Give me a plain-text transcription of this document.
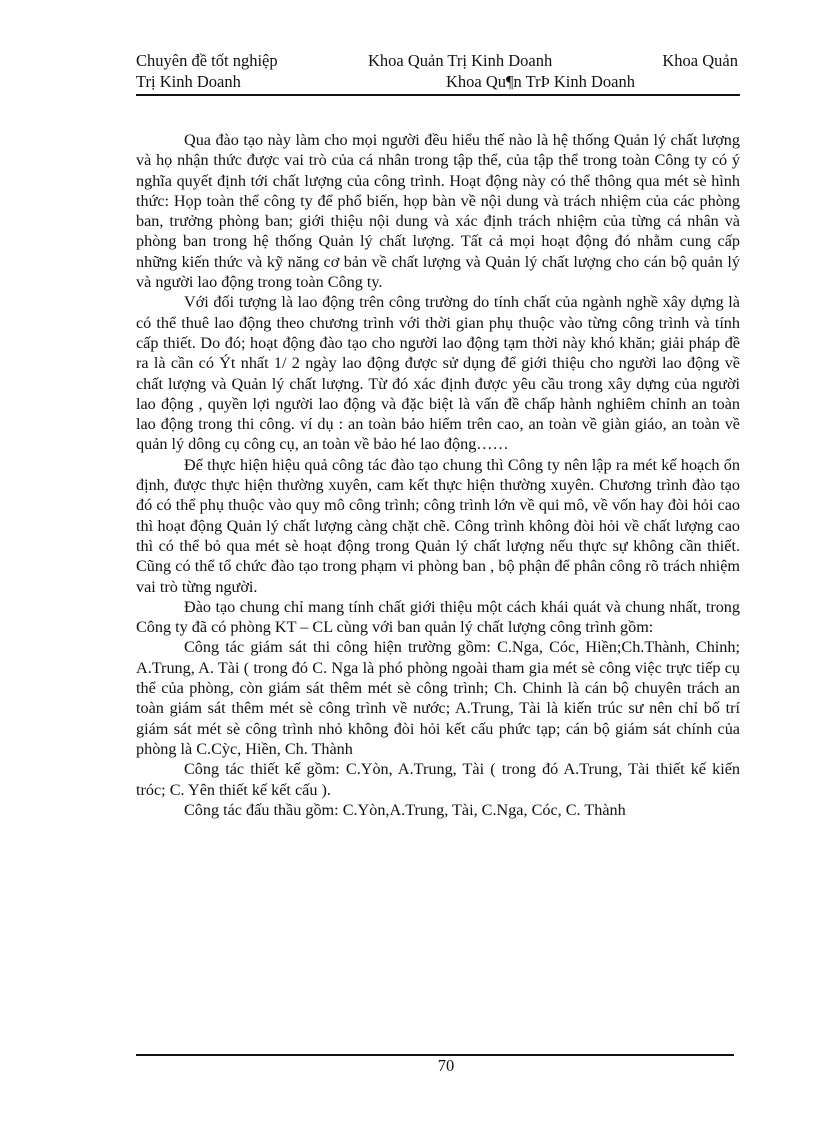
Chuyên đề tốt nghiệp	Khoa Quản Trị Kinh Doanh	Khoa Quản
Trị Kinh Doanh	Khoa Qu¶n TrÞ Kinh Doanh

Qua đào tạo này làm cho mọi người đều hiểu thế nào là hệ thống Quản lý chất lượng và họ nhận thức được vai trò của cá nhân trong tập thể, của tập thể trong toàn Công ty có ý nghĩa quyết định tới chất lượng của công trình. Hoạt động này có thể thông qua mét sè hình thức: Họp toàn thể công ty để phổ biến, họp bàn về nội dung và trách nhiệm của các phòng ban, trưởng phòng ban; giới thiệu nội dung và xác định trách nhiệm của từng cá nhân và phòng ban trong hệ thống Quản lý chất lượng. Tất cả mọi hoạt động đó nhằm cung cấp những kiến thức và kỹ năng cơ bản về chất lượng và Quản lý chất lượng cho cán bộ quản lý và người lao động trong toàn Công ty.

Với đối tượng là lao động trên công trường do tính chất của ngành nghề xây dựng là có thể thuê lao động theo chương trình với thời gian phụ thuộc vào từng công trình và tính cấp thiết. Do đó; hoạt động đào tạo cho người lao động tạm thời này khó khăn; giải pháp đề ra là cần có Ýt nhất 1/ 2 ngày lao động được sử dụng để giới thiệu cho người lao động về chất lượng và Quản lý chất lượng. Từ đó xác định được yêu cầu trong xây dựng của người lao động , quyền lợi người lao động và đặc biệt là vấn đề chấp hành nghiêm chỉnh an toàn lao động trong thi công. ví dụ : an toàn bảo hiểm trên cao, an toàn về giàn giáo, an toàn về quản lý dông cụ công cụ, an toàn về bảo hé lao động……

Để thực hiện hiệu quả công tác đào tạo chung thì Công ty nên lập ra mét kế hoạch ổn định, được thực hiện thường xuyên, cam kết thực hiện thường xuyên. Chương trình đào tạo đó có thể phụ thuộc vào quy mô công trình; công trình lớn về qui mô, về vốn hay đòi hỏi cao thì hoạt động Quản lý chất lượng càng chặt chẽ. Công trình không đòi hỏi về chất lượng cao thì có thể bỏ qua mét sè hoạt động trong Quản lý chất lượng nếu thực sự không cần thiết. Cũng có thể tổ chức đào tạo trong phạm vi phòng ban , bộ phận để phân công rõ trách nhiệm vai trò từng người.

Đào tạo chung chỉ mang tính chất giới thiệu một cách khái quát và chung nhất, trong Công ty đã có phòng KT – CL cùng với ban quản lý chất lượng công trình gồm:

Công tác giám sát thi công hiện trường gồm: C.Nga, Cóc, Hiền;Ch.Thành, Chinh; A.Trung, A. Tài ( trong đó C. Nga là phó phòng ngoài tham gia mét sè công việc trực tiếp cụ thể của phòng, còn giám sát thêm mét sè công trình; Ch. Chinh là cán bộ chuyên trách an toàn giám sát thêm mét sè công trình về nước; A.Trung, Tài là kiến trúc sư nên chỉ bố trí giám sát mét sè công trình nhỏ không đòi hỏi kết cấu phức tạp; cán bộ giám sát chính của phòng là C.Cỳc, Hiền, Ch. Thành

Công tác thiết kế gồm: C.Yòn, A.Trung, Tài ( trong đó A.Trung, Tài thiết kế kiến tróc; C. Yên thiết kế kết cấu ).

Công tác đấu thầu gồm: C.Yòn,A.Trung, Tài, C.Nga, Cóc, C. Thành

70
